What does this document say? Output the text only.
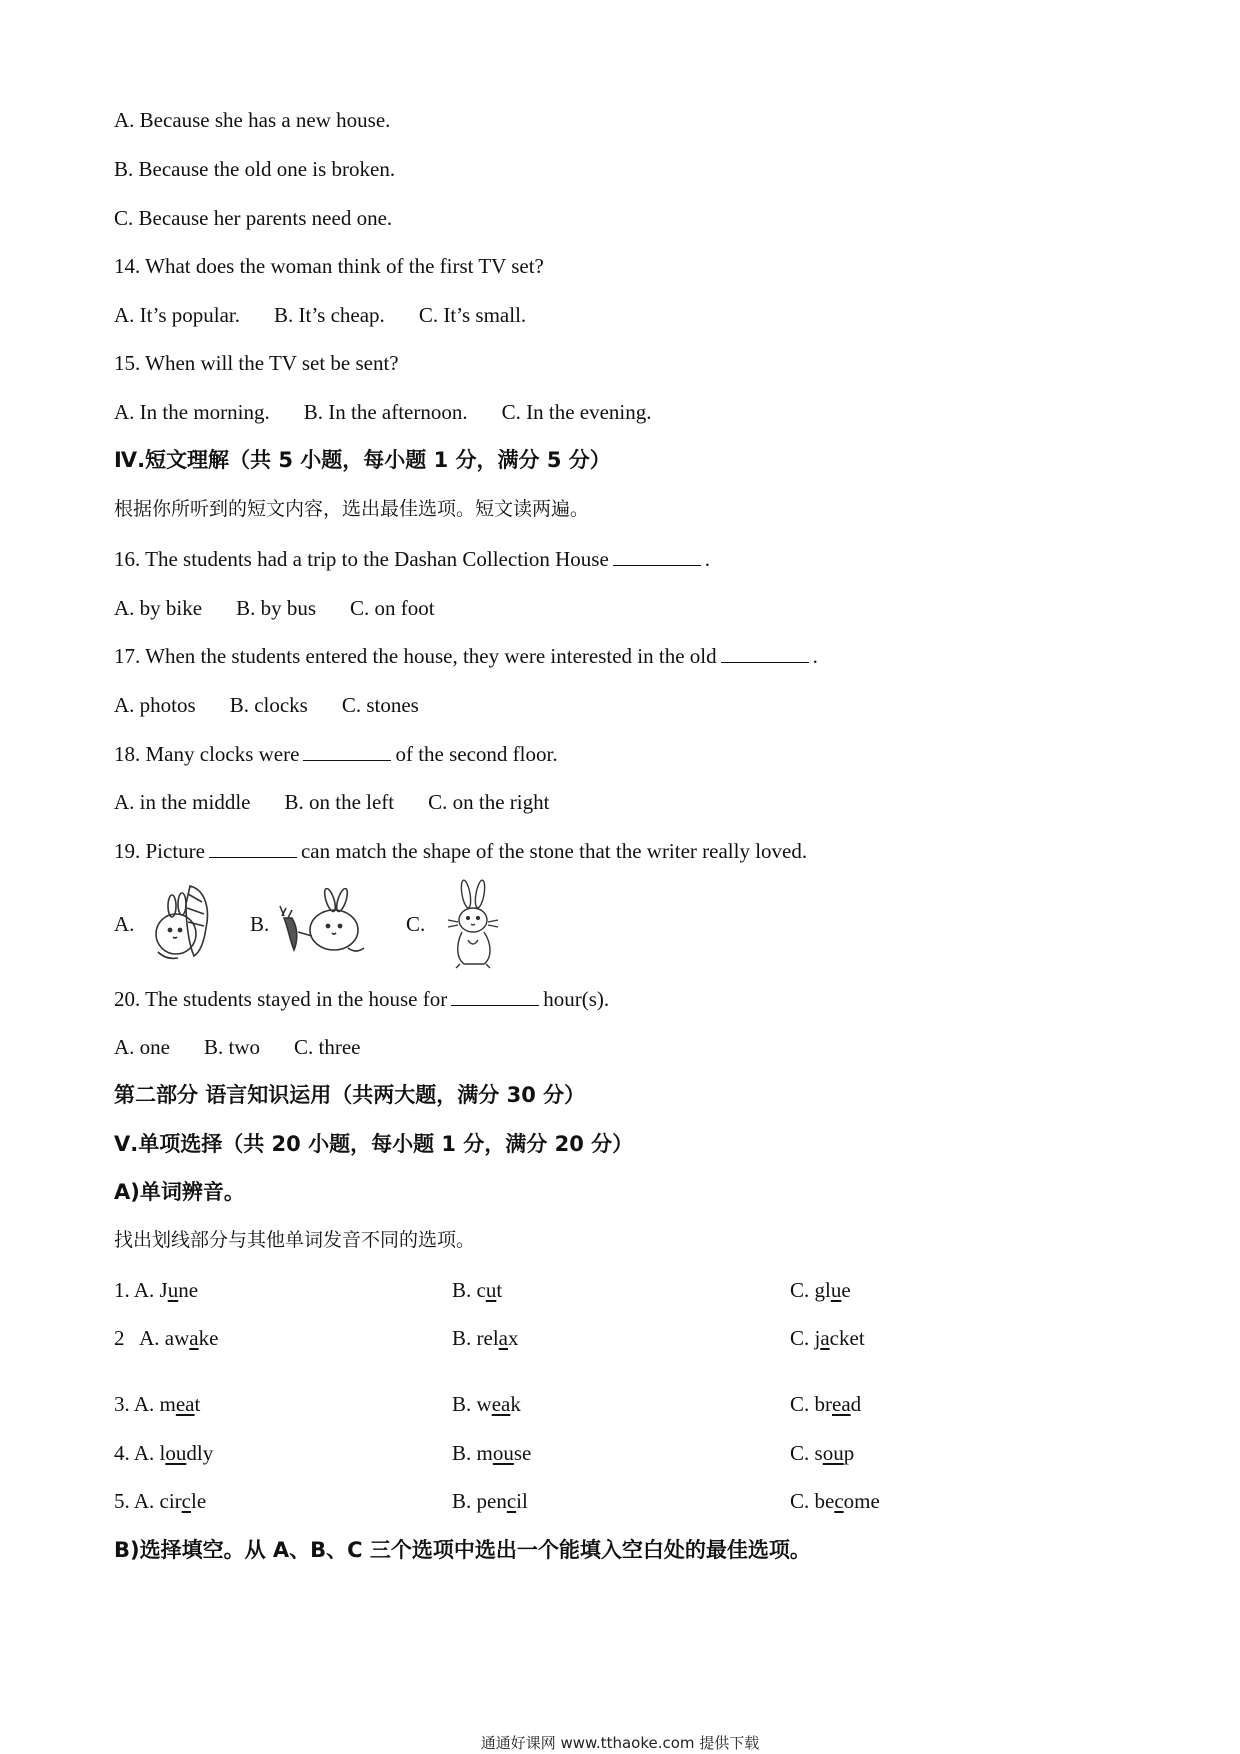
A. Because she has a new house.
B. Because the old one is broken.
C. Because her parents need one.
14. What does the woman think of the first TV set?
A. It’s popular. B. It’s cheap. C. It’s small.
15. When will the TV set be sent?
A. In the morning. B. In the afternoon. C. In the evening.
Ⅳ.短文理解（共 5 小题，每小题 1 分，满分 5 分）
根据你所听到的短文内容，选出最佳选项。短文读两遍。
16. The students had a trip to the Dashan Collection House	.
A. by bike B. by bus C. on foot
17. When the students entered the house, they were interested in the old	.
A. photos B. clocks C. stones
18. Many clocks were	of the second floor.
A. in the middle B. on the left C. on the right
19. Picture	can match the shape of the stone that the writer really loved.
A.	B.	C.
20. The students stayed in the house for	hour(s).
A. one B. two C. three
第二部分 语言知识运用（共两大题，满分 30 分）
Ⅴ.单项选择（共 20 小题，每小题 1 分，满分 20 分）
A)单词辨音。
找出划线部分与其他单词发音不同的选项。
1. A. June	B. cut	C. glue
2   A. awake	B. relax	C. jacket
3. A. meat	B. weak	C. bread
4. A. loudly	B. mouse	C. soup
5. A. circle	B. pencil	C. become
B)选择填空。从 A、B、C 三个选项中选出一个能填入空白处的最佳选项。
通通好课网 www.tthaoke.com 提供下载
